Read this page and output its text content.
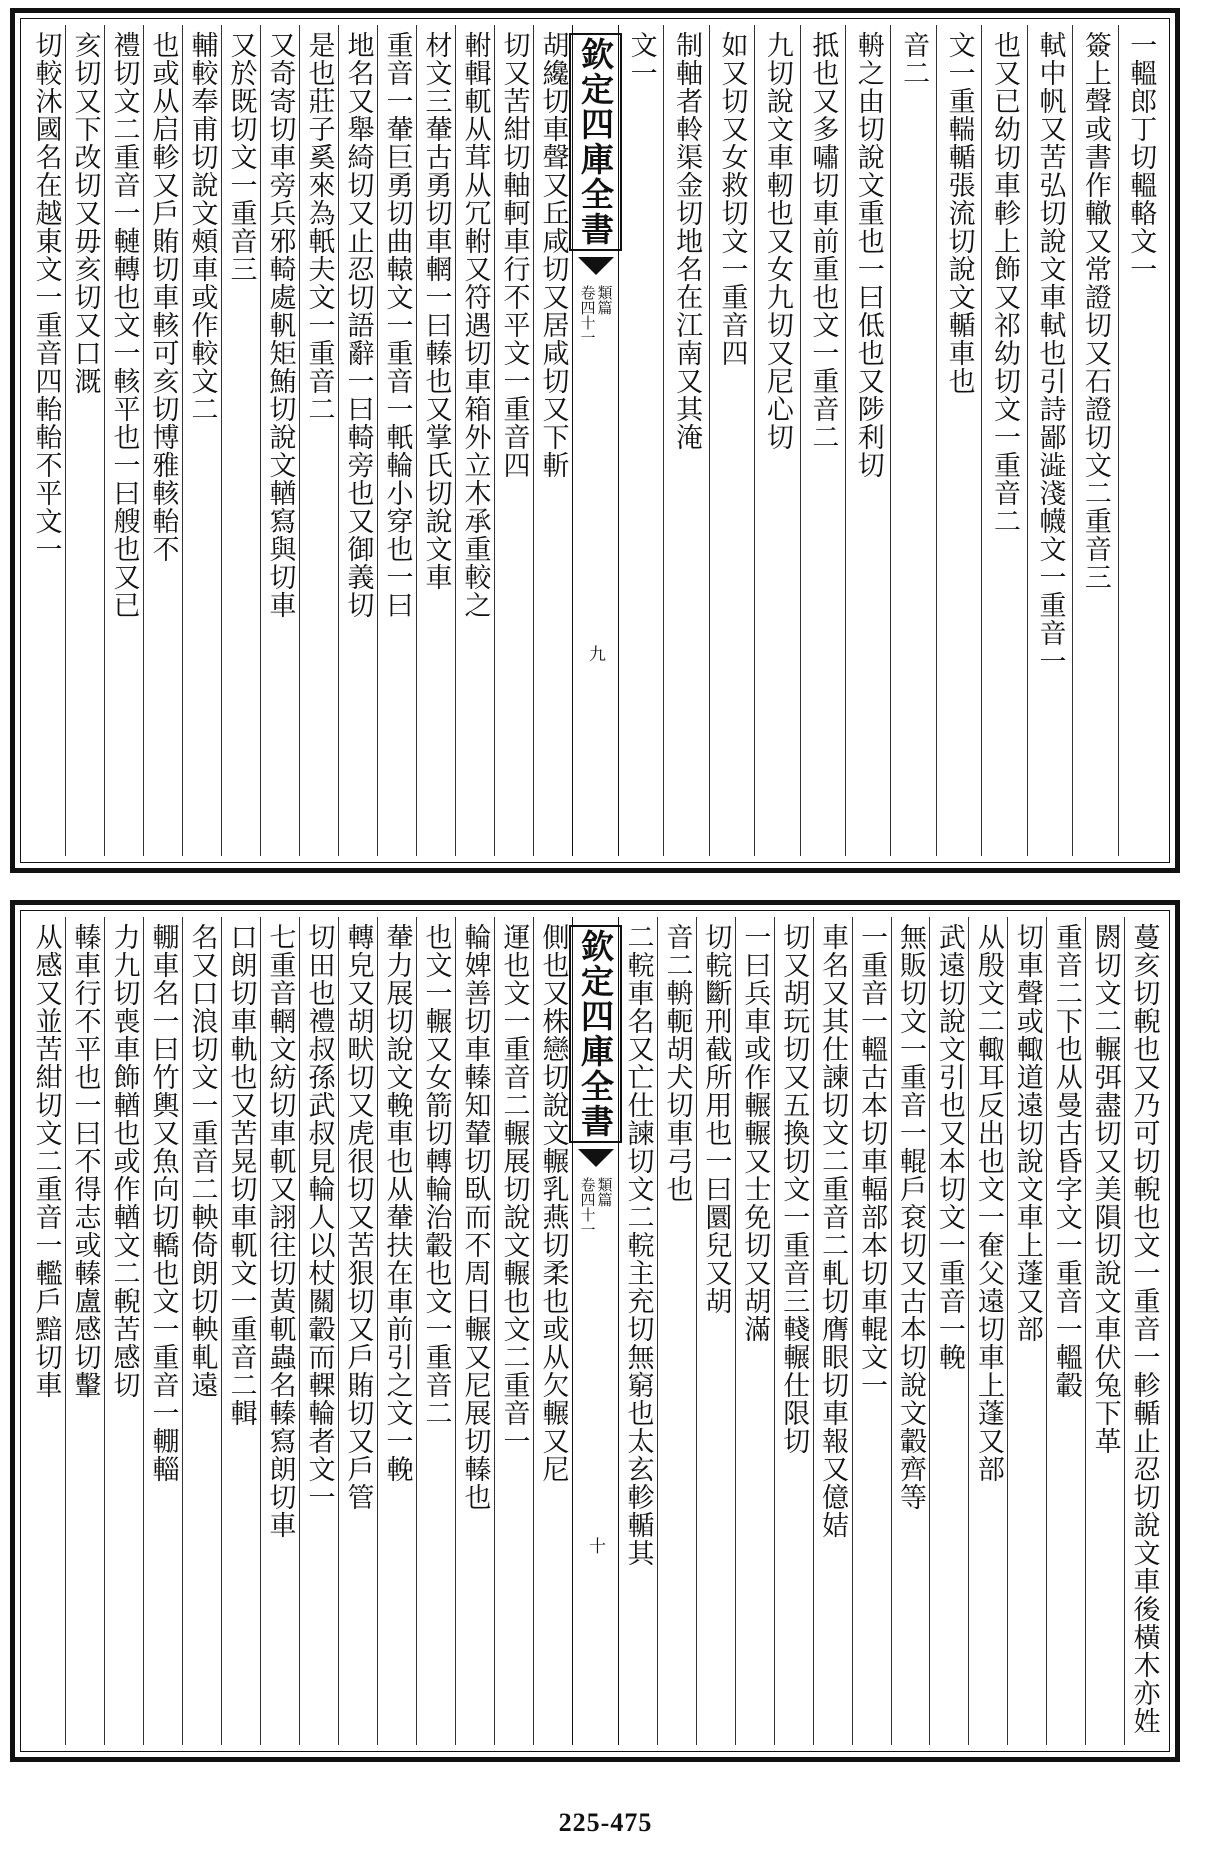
一轀郎丁切轀輅文一
簽上聲或書作轍又常證切又石證切文二重音三
軾中帆又苦弘切說文車軾也引詩鄙澁淺幭文一重音一
也又已幼切車軫上飾又祁幼切文一重音二
文一重輲輴張流切說文輴車也
音二
輈之由切說文重也一曰低也又陟利切
抵也又多嘯切車前重也文一重音二
九切說文車軔也又女九切又尼心切
如又切又女救切文一重音四
制軸者軨渠金切地名在江南又其淹
文一
欽定四庫全書
類篇
卷四十一
九
胡纔切車聲又丘咸切又居咸切又下斬
切又苦紺切軸軻車行不平文一重音四
軵輯軏从茸从冗軵又符遇切車箱外立木承重較之
材文三輂古勇切車輞一曰轃也又掌氏切說文車
重音一輂巨勇切曲轅文一重音一軝輪小穿也一曰
地名又舉綺切又止忍切語辭一曰輢旁也又御義切
是也莊子奚來為軝夫文一重音二
又奇寄切車旁兵邪輢處軓矩鮪切說文輶寫與切車
又於既切文一重音三
輔較奉甫切說文頰車或作較文二
也或从启軫又戶賄切車輆可亥切博雅輆軩不
禮切文二重音一轋轉也文一輆平也一曰艘也又已
亥切又下改切又毋亥切又口溉
切較沐國名在越東文一重音四軩軩不平文一
蔓亥切輗也又乃可切輗也文一重音一軫輴止忍切說文車後橫木亦姓
閼切文二輾弭盡切又美隕切說文車伏兔下革
重音二下也从曼古昏字文一重音一轀轂
切車聲或輙道遠切說文車上蓬又部
从殷文二輙耳反出也文一奞父遠切車上蓬又部
武遠切說文引也又本切文一重音一輓
無販切文一重音一輥戶袞切又古本切說文轂齊等
一重音一轀古本切車輻部本切車輥文一
車名又其仕諫切文二重音二軋切膺眼切車報又億姞
切又胡玩切又五換切文一重音三輚輾仕限切
一曰兵車或作輾輾又士免切又胡滿
切輐斷刑截所用也一曰圜兒又胡
音二輈軛胡犬切車弓也
二輐車名又亡仕諫切文二輐主充切無窮也太玄軫輴其
欽定四庫全書
類篇
卷四十一
十
側也又株戀切說文輾乳燕切柔也或从欠輾又尼
運也文一重音二輾展切說文輾也文二重音一
輪婢善切車轃知輦切臥而不周日輾又尼展切轃也
也文一輾又女箭切轉輪治轂也文一重音二
輂力展切說文輓車也从輂扶在車前引之文一輓
轉皃又胡畎切又虎很切又苦狠切又戶賄切又戶管
切田也禮叔孫武叔見輪人以杖關轂而輠輪者文一
七重音輞文紡切車軏又詡往切黃軏蟲名轃寫朗切車
口朗切車軌也又苦晃切車軏文一重音二輯
名又口浪切文一重音二軮倚朗切軮軋遠
輣車名一曰竹輿又魚向切轎也文一重音一輣輜
力九切喪車飾輶也或作輶文二輗苦感切
轃車行不平也一曰不得志或轃盧感切轚
从感又並苦紺切文二重音一轞戶黯切車
225-475
